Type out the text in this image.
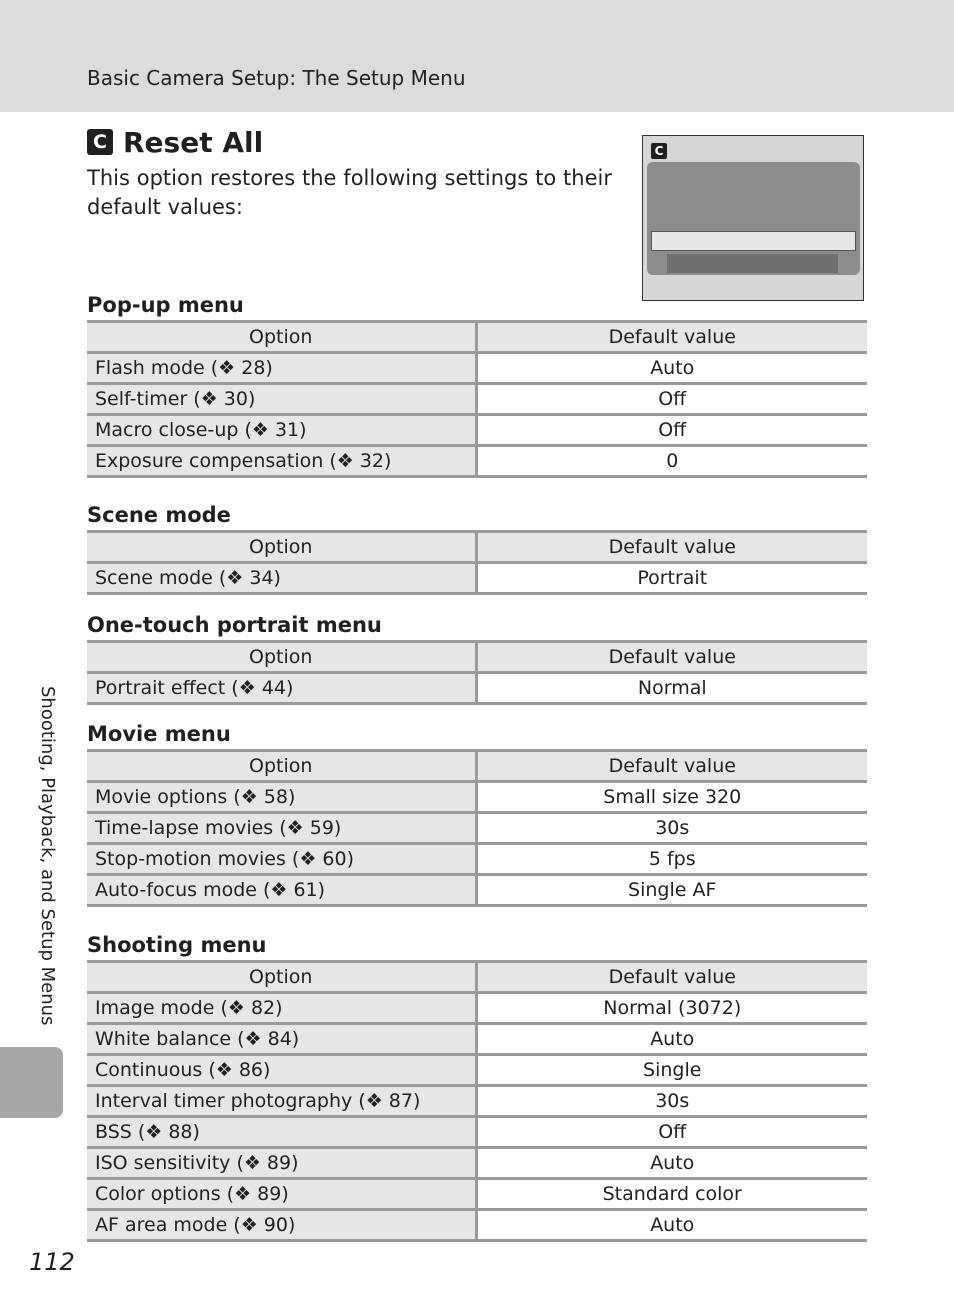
Basic Camera Setup: The Setup Menu
C Reset All

This option restores the following settings to their default values:

C
Pop-up menu
Option	Default value
Flash mode (❖ 28)	Auto
Self-timer (❖ 30)	Off
Macro close-up (❖ 31)	Off
Exposure compensation (❖ 32)	0
Scene mode
Option	Default value
Scene mode (❖ 34)	Portrait
One-touch portrait menu
Option	Default value
Portrait effect (❖ 44)	Normal
Movie menu
Option	Default value
Movie options (❖ 58)	Small size 320
Time-lapse movies (❖ 59)	30s
Stop-motion movies (❖ 60)	5 fps
Auto-focus mode (❖ 61)	Single AF
Shooting menu
Option	Default value
Image mode (❖ 82)	Normal (3072)
White balance (❖ 84)	Auto
Continuous (❖ 86)	Single
Interval timer photography (❖ 87)	30s
BSS (❖ 88)	Off
ISO sensitivity (❖ 89)	Auto
Color options (❖ 89)	Standard color
AF area mode (❖ 90)	Auto
Shooting, Playback, and Setup Menus
112
